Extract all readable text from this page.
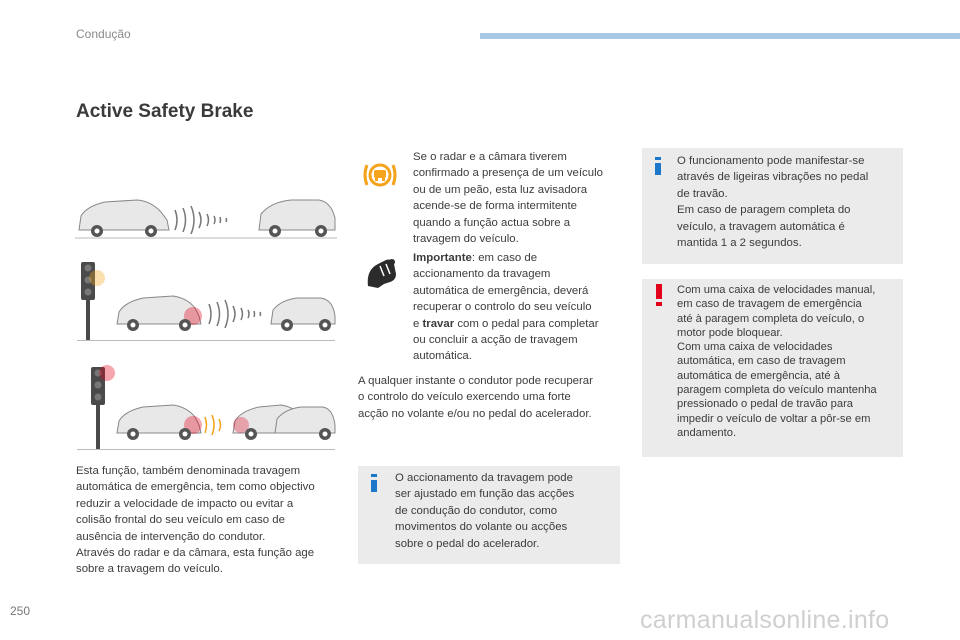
Condução
Active Safety Brake
Esta função, também denominada travagem
automática de emergência, tem como objectivo
reduzir a velocidade de impacto ou evitar a
colisão frontal do seu veículo em caso de
ausência de intervenção do condutor.
Através do radar e da câmara, esta função age
sobre a travagem do veículo.
Se o radar e a câmara tiverem
confirmado a presença de um veículo
ou de um peão, esta luz avisadora
acende-se de forma intermitente
quando a função actua sobre a
travagem do veículo.
Importante: em caso de
accionamento da travagem
automática de emergência, deverá
recuperar o controlo do seu veículo
e travar com o pedal para completar
ou concluir a acção de travagem
automática.
A qualquer instante o condutor pode recuperar
o controlo do veículo exercendo uma forte
acção no volante e/ou no pedal do acelerador.
O accionamento da travagem pode
ser ajustado em função das acções
de condução do condutor, como
movimentos do volante ou acções
sobre o pedal do acelerador.
O funcionamento pode manifestar-se
através de ligeiras vibrações no pedal
de travão.
Em caso de paragem completa do
veículo, a travagem automática é
mantida 1 a 2 segundos.
Com uma caixa de velocidades manual,
em caso de travagem de emergência
até à paragem completa do veículo, o
motor pode bloquear.
Com uma caixa de velocidades
automática, em caso de travagem
automática de emergência, até à
paragem completa do veículo mantenha
pressionado o pedal de travão para
impedir o veículo de voltar a pôr-se em
andamento.
250	carmanualsonline.info
